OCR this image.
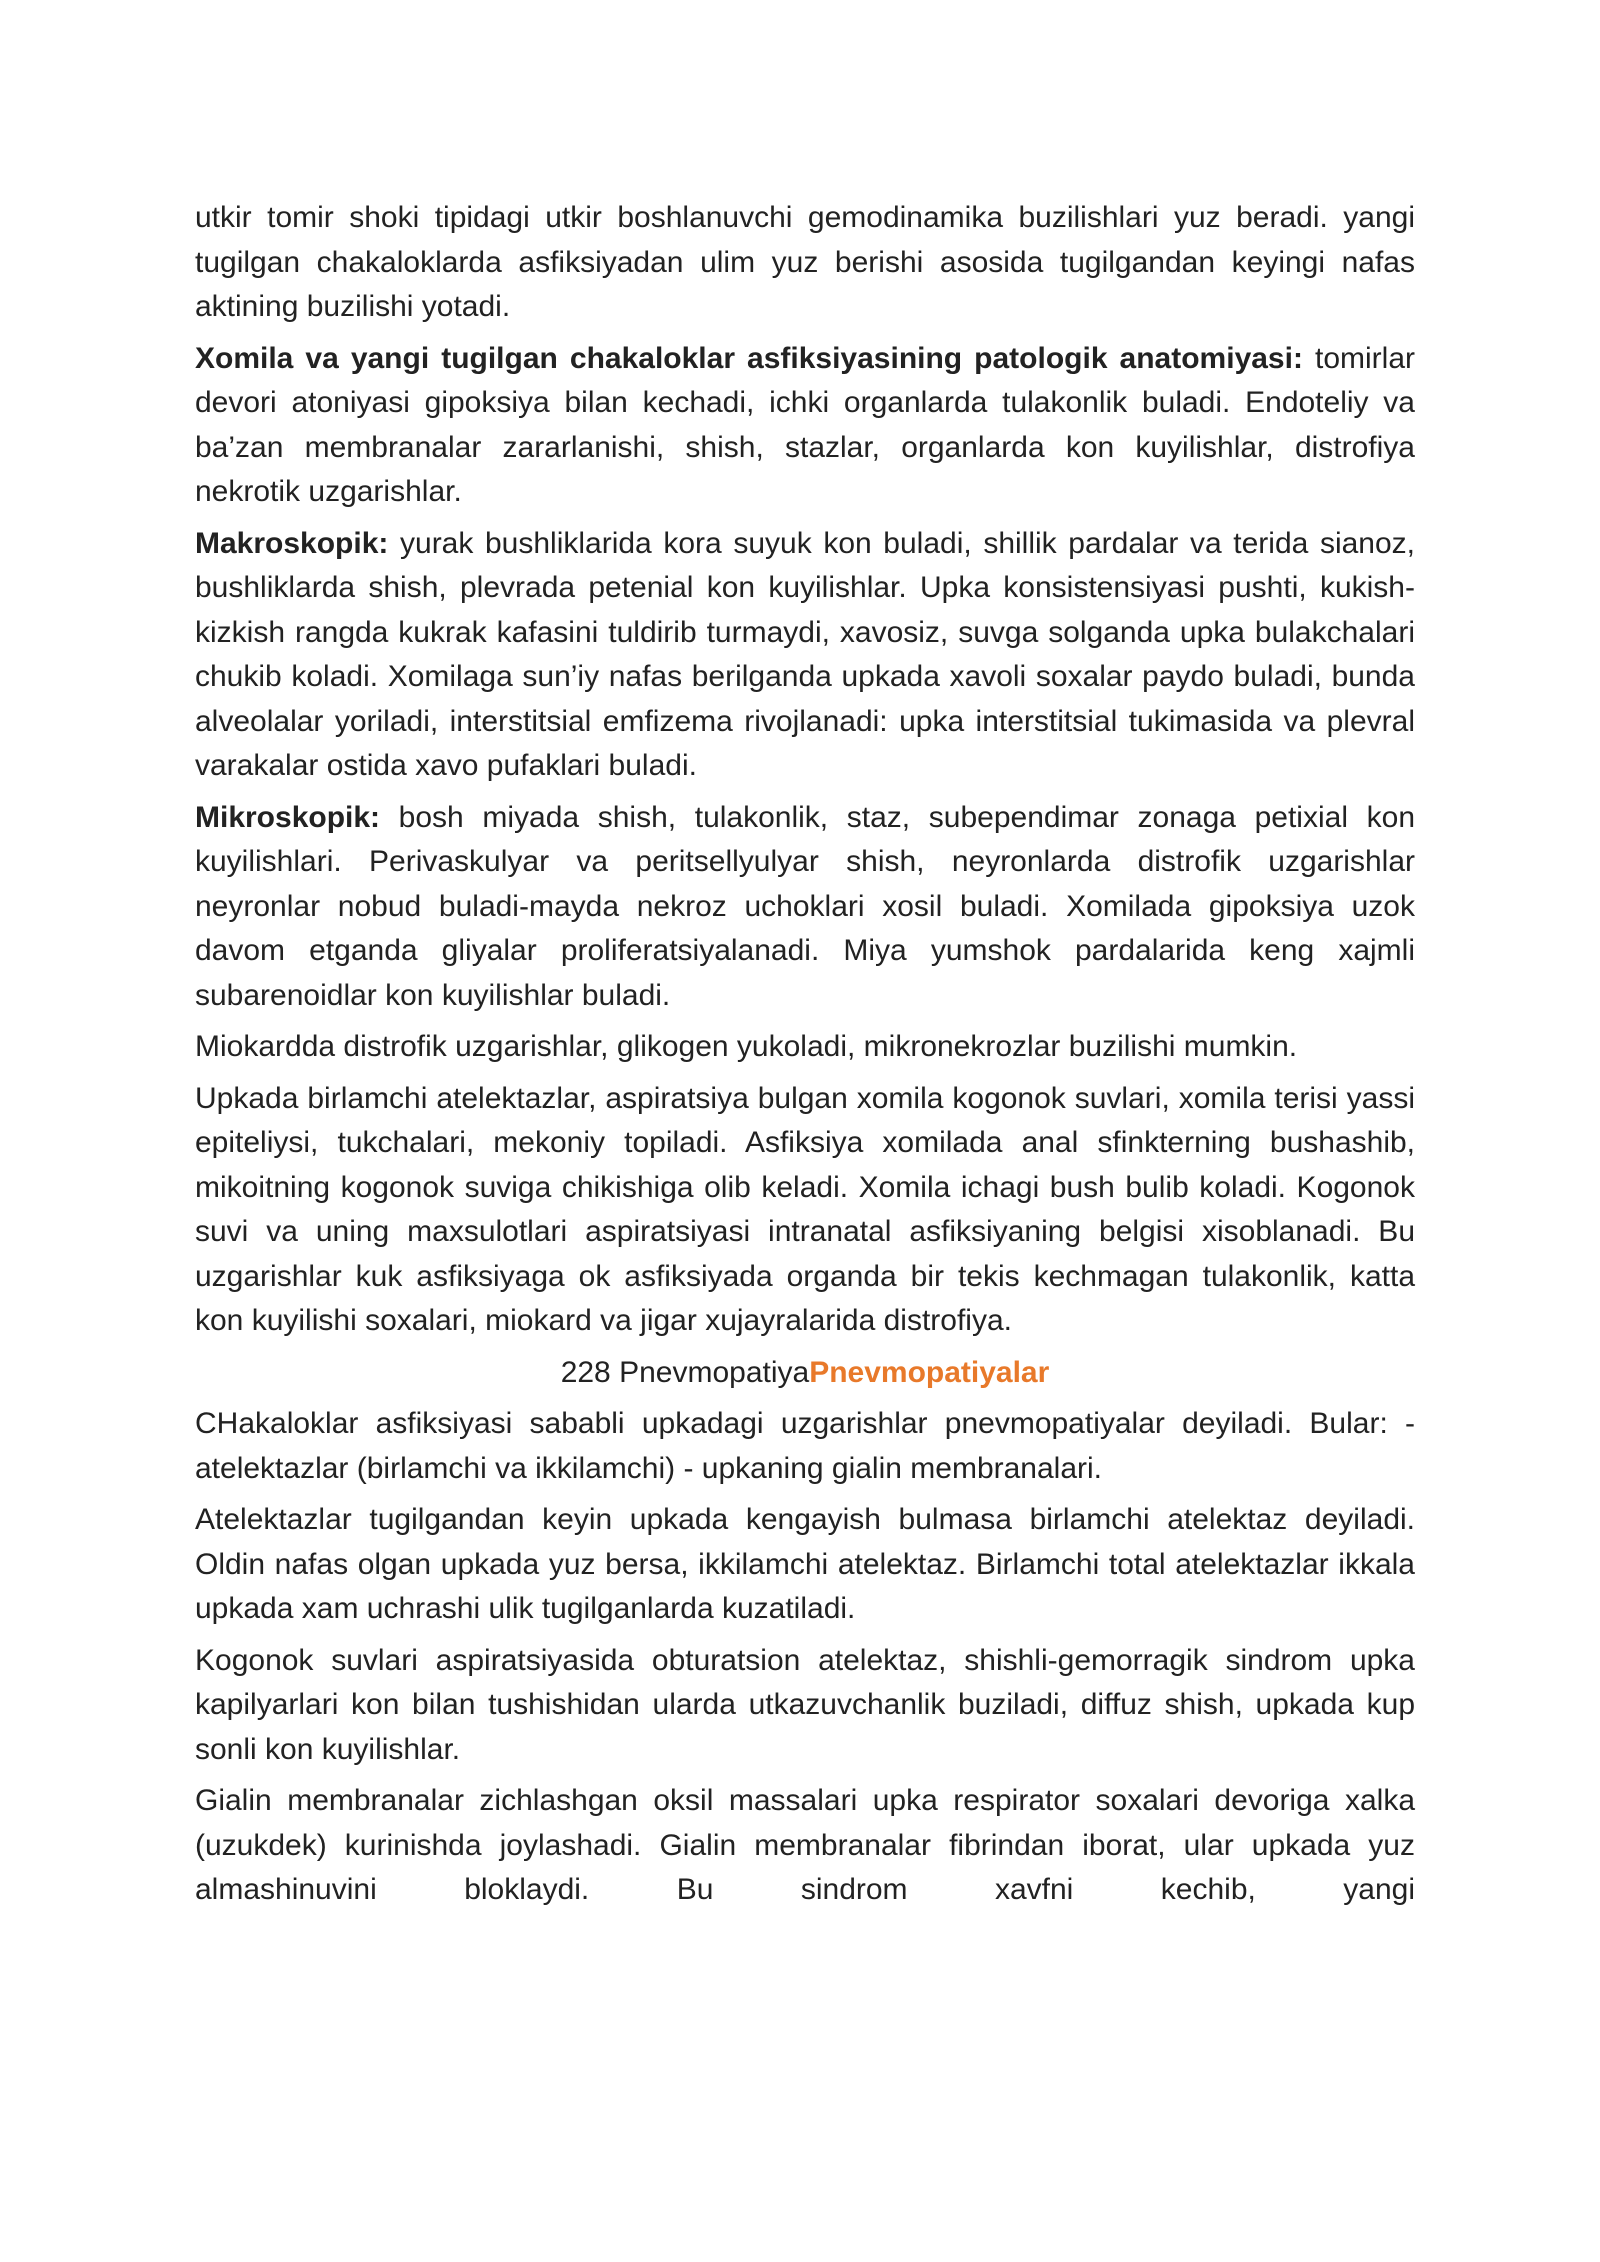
utkir tomir shoki tipidagi utkir boshlanuvchi gemodinamika buzilishlari yuz beradi. yangi tugilgan chakaloklarda asfiksiyadan ulim yuz berishi asosida tugilgandan keyingi nafas aktining buzilishi yotadi.

Xomila va yangi tugilgan chakaloklar asfiksiyasining patologik anatomiyasi: tomirlar devori atoniyasi gipoksiya bilan kechadi, ichki organlarda tulakonlik buladi. Endoteliy va ba’zan membranalar zararlanishi, shish, stazlar, organlarda kon kuyilishlar, distrofiya nekrotik uzgarishlar.

Makroskopik: yurak bushliklarida kora suyuk kon buladi, shillik pardalar va terida sianoz, bushliklarda shish, plevrada petenial kon kuyilishlar. Upka konsistensiyasi pushti, kukish-kizkish rangda kukrak kafasini tuldirib turmaydi, xavosiz, suvga solganda upka bulakchalari chukib koladi. Xomilaga sun’iy nafas berilganda upkada xavoli soxalar paydo buladi, bunda alveolalar yoriladi, interstitsial emfizema rivojlanadi: upka interstitsial tukimasida va plevral varakalar ostida xavo pufaklari buladi.

Mikroskopik: bosh miyada shish, tulakonlik, staz, subependimar zonaga petixial kon kuyilishlari. Perivaskulyar va peritsellyulyar shish, neyronlarda distrofik uzgarishlar neyronlar nobud buladi-mayda nekroz uchoklari xosil buladi. Xomilada gipoksiya uzok davom etganda gliyalar proliferatsiyalanadi. Miya yumshok pardalarida keng xajmli subarenoidlar kon kuyilishlar buladi.

Miokardda distrofik uzgarishlar, glikogen yukoladi, mikronekrozlar buzilishi mumkin.

Upkada birlamchi atelektazlar, aspiratsiya bulgan xomila kogonok suvlari, xomila terisi yassi epiteliysi, tukchalari, mekoniy topiladi. Asfiksiya xomilada anal sfinkterning bushashib, mikoitning kogonok suviga chikishiga olib keladi. Xomila ichagi bush bulib koladi. Kogonok suvi va uning maxsulotlari aspiratsiyasi intranatal asfiksiyaning belgisi xisoblanadi. Bu uzgarishlar kuk asfiksiyaga ok asfiksiyada organda bir tekis kechmagan tulakonlik, katta kon kuyilishi soxalari, miokard va jigar xujayralarida distrofiya.

228 PnevmopatiyaPnevmopatiyalar

CHakaloklar asfiksiyasi sababli upkadagi uzgarishlar pnevmopatiyalar deyiladi. Bular: - atelektazlar (birlamchi va ikkilamchi) - upkaning gialin membranalari.

Atelektazlar tugilgandan keyin upkada kengayish bulmasa birlamchi atelektaz deyiladi. Oldin nafas olgan upkada yuz bersa, ikkilamchi atelektaz. Birlamchi total atelektazlar ikkala upkada xam uchrashi ulik tugilganlarda kuzatiladi.

Kogonok suvlari aspiratsiyasida obturatsion atelektaz, shishli-gemorragik sindrom upka kapilyarlari kon bilan tushishidan ularda utkazuvchanlik buziladi, diffuz shish, upkada kup sonli kon kuyilishlar.

Gialin membranalar zichlashgan oksil massalari upka respirator soxalari devoriga xalka (uzukdek) kurinishda joylashadi. Gialin membranalar fibrindan iborat, ular upkada yuz almashinuvini bloklaydi. Bu sindrom xavfni kechib, yangi
